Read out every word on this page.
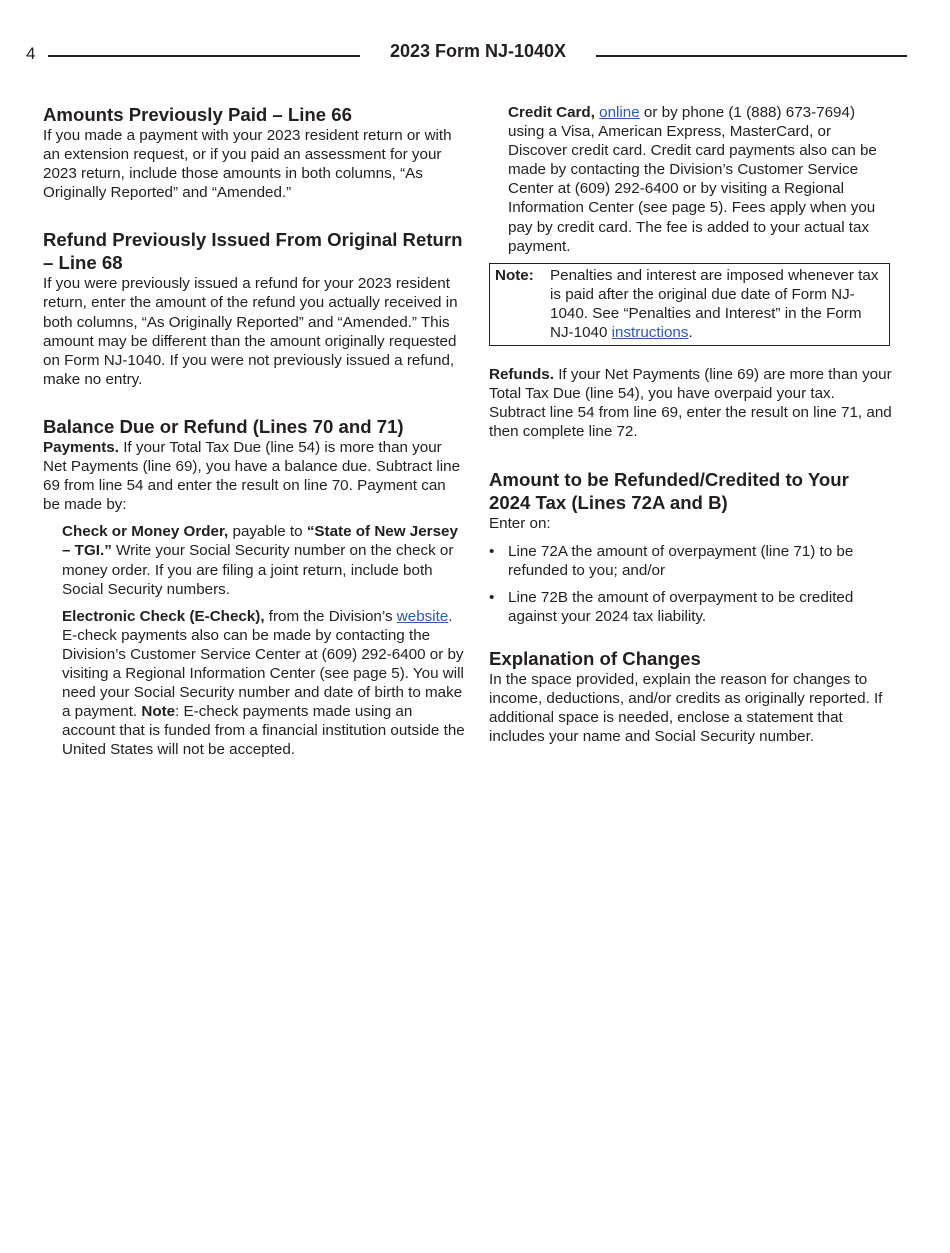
4	2023 Form NJ-1040X
Amounts Previously Paid – Line 66

If you made a payment with your 2023 resident return or with an extension request, or if you paid an assessment for your 2023 return, include those amounts in both columns, “As Originally Reported” and “Amended.”

Refund Previously Issued From Original Return – Line 68

If you were previously issued a refund for your 2023 resident return, enter the amount of the refund you actually received in both columns, “As Originally Reported” and “Amended.” This amount may be different than the amount originally requested on Form NJ-1040. If you were not previously issued a refund, make no entry.

Balance Due or Refund (Lines 70 and 71)

Payments. If your Total Tax Due (line 54) is more than your Net Payments (line 69), you have a balance due. Subtract line 69 from line 54 and enter the result on line 70. Payment can be made by:

Check or Money Order, payable to “State of New Jersey – TGI.” Write your Social Security number on the check or money order. If you are filing a joint return, include both Social Security numbers.

Electronic Check (E-Check), from the Division’s website. E-check payments also can be made by contacting the Division’s Customer Service Center at (609) 292-6400 or by visiting a Regional Information Center (see page 5). You will need your Social Security number and date of birth to make a payment. Note: E-check payments made using an account that is funded from a financial institution outside the United States will not be accepted.

Credit Card, online or by phone (1 (888) 673-7694) using a Visa, American Express, MasterCard, or Discover credit card. Credit card payments also can be made by contacting the Division’s Customer Service Center at (609) 292-6400 or by visiting a Regional Information Center (see page 5). Fees apply when you pay by credit card. The fee is added to your actual tax payment.

Note:	Penalties and interest are imposed whenever tax is paid after the original due date of Form NJ-1040. See “Penalties and Interest” in the Form NJ-1040 instructions.

Refunds. If your Net Payments (line 69) are more than your Total Tax Due (line 54), you have overpaid your tax. Subtract line 54 from line 69, enter the result on line 71, and then complete line 72.

Amount to be Refunded/Credited to Your 2024 Tax (Lines 72A and B)

Enter on:

• Line 72A the amount of overpayment (line 71) to be refunded to you; and/or
• Line 72B the amount of overpayment to be credited against your 2024 tax liability.
Explanation of Changes

In the space provided, explain the reason for changes to income, deductions, and/or credits as originally reported. If additional space is needed, enclose a statement that includes your name and Social Security number.
